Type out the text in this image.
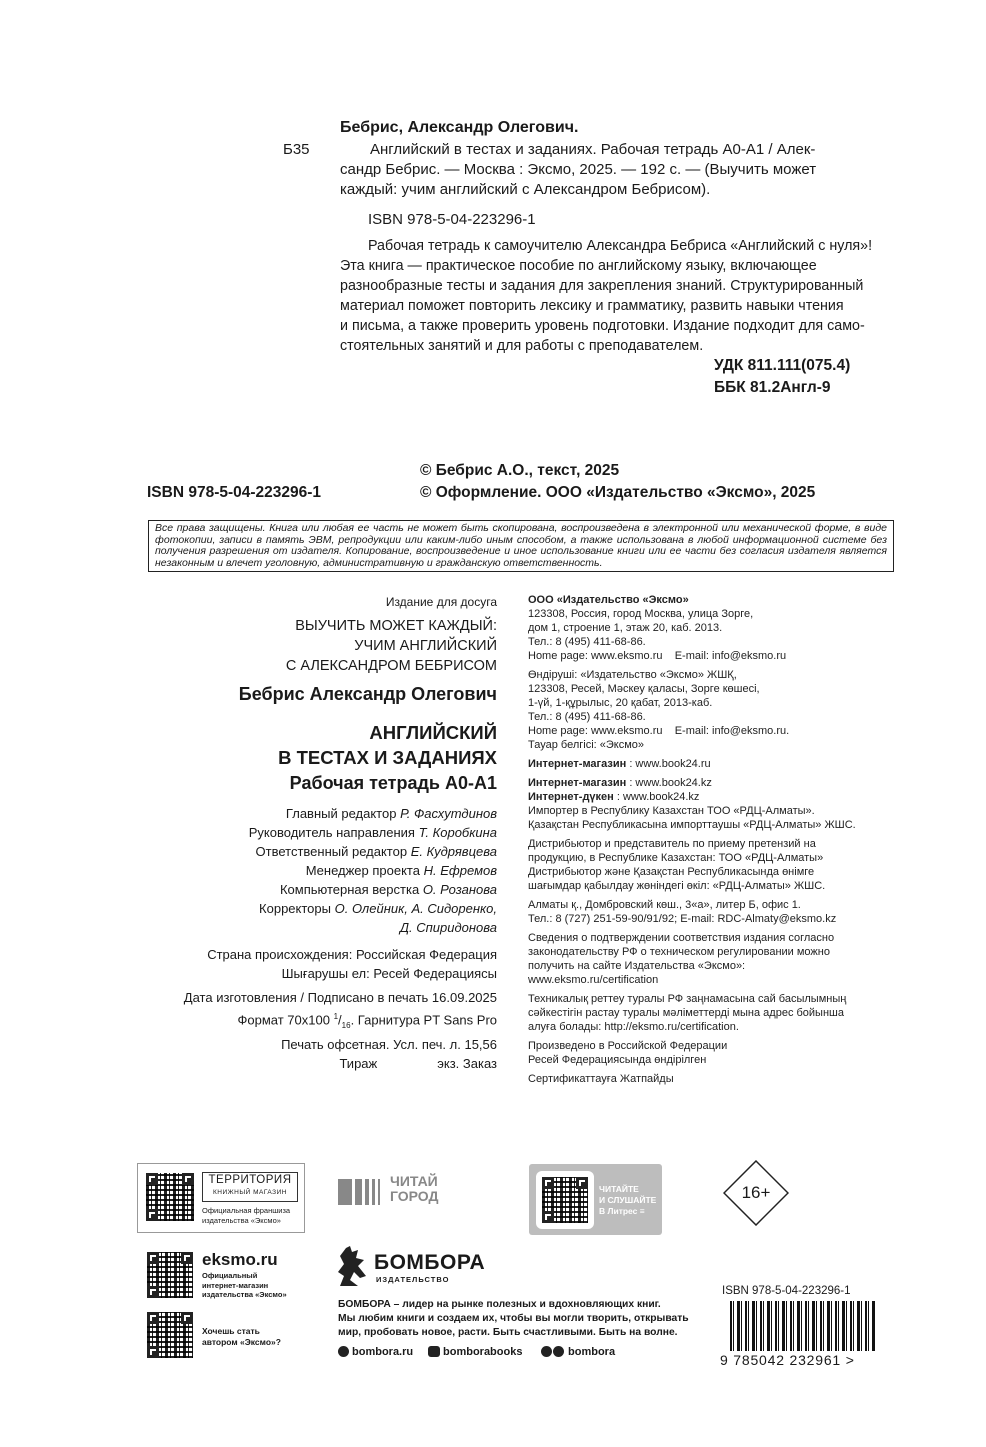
Бебрис, Александр Олегович.
Б35	Английский в тестах и заданиях. Рабочая тетрадь А0-А1 / Алек-
сандр Бебрис. — Москва : Эксмо, 2025. — 192 с. — (Выучить может
каждый: учим английский с Александром Бебрисом).
ISBN 978-5-04-223296-1
Рабочая тетрадь к самоучителю Александра Бебриса «Английский с нуля»!
Эта книга — практическое пособие по английскому языку, включающее
разнообразные тесты и задания для закрепления знаний. Структурированный
материал поможет повторить лексику и грамматику, развить навыки чтения
и письма, а также проверить уровень подготовки. Издание подходит для само-
стоятельных занятий и для работы с преподавателем.
УДК 811.111(075.4)
ББК 81.2Англ-9
© Бебрис А.О., текст, 2025
ISBN 978-5-04-223296-1	© Оформление. ООО «Издательство «Эксмо», 2025
Все права защищены. Книга или любая ее часть не может быть скопирована, воспроизведена в электронной или механической форме, в виде фотокопии, записи в память ЭВМ, репродукции или каким-либо иным способом, а также использована в любой информационной системе без получения разрешения от издателя. Копирование, воспроизведение и иное использование книги или ее части без согласия издателя является незаконным и влечет уголовную, административную и гражданскую ответственность.
Издание для досуга
ВЫУЧИТЬ МОЖЕТ КАЖДЫЙ:
УЧИМ АНГЛИЙСКИЙ
С АЛЕКСАНДРОМ БЕБРИСОМ
Бебрис Александр Олегович
АНГЛИЙСКИЙ
В ТЕСТАХ И ЗАДАНИЯХ
Рабочая тетрадь А0-А1
Главный редактор Р. Фасхутдинов
Руководитель направления Т. Коробкина
Ответственный редактор Е. Кудрявцева
Менеджер проекта Н. Ефремов
Компьютерная верстка О. Розанова
Корректоры О. Олейник, А. Сидоренко,
Д. Спиридонова
Страна происхождения: Российская Федерация
Шығарушы ел: Ресей Федерациясы
Дата изготовления / Подписано в печать 16.09.2025
Формат 70х100 $^1/_{16}$. Гарнитура PT Sans Pro
Печать офсетная. Усл. печ. л. 15,56
Тираж	экз. Заказ

ООО «Издательство «Эксмо»

123308, Россия, город Москва, улица Зорге,

дом 1, строение 1, этаж 20, каб. 2013.

Тел.: 8 (495) 411-68-86.

Home page: www.eksmo.ru    E-mail: info@eksmo.ru

Өндіруші: «Издательство «Эксмо» ЖШҚ,

123308, Ресей, Мәскеу қаласы, Зорге көшесі,

1-үй, 1-құрылыс, 20 қабат, 2013-каб.

Тел.: 8 (495) 411-68-86.

Home page: www.eksmo.ru    E-mail: info@eksmo.ru.

Тауар белгісі: «Эксмо»

Интернет-магазин : www.book24.ru

Интернет-магазин : www.book24.kz

Интернет-дүкен : www.book24.kz

Импортер в Республику Казахстан ТОО «РДЦ-Алматы».

Қазақстан Республикасына импорттаушы «РДЦ-Алматы» ЖШС.

Дистрибьютор и представитель по приему претензий на

продукцию, в Республике Казахстан: ТОО «РДЦ-Алматы»

Дистрибьютор және Қазақстан Республикасында өнімге

шағымдар қабылдау жөніндегі өкіл: «РДЦ-Алматы» ЖШС.

Алматы қ., Домбровский көш., 3«а», литер Б, офис 1.

Тел.: 8 (727) 251-59-90/91/92; E-mail: RDC-Almaty@eksmo.kz

Сведения о подтверждении соответствия издания согласно

законодательству РФ о техническом регулировании можно

получить на сайте Издательства «Эксмо»:

www.eksmo.ru/certification

Техникалық реттеу туралы РФ заңнамасына сай басылымның

сәйкестігін растау туралы мәліметтерді мына адрес бойынша

алуға болады: http://eksmo.ru/certification.

Произведено в Российской Федерации

Ресей Федерациясында өндірілген

Сертификаттауға Жатпайды

ТЕРРИТОРИЯ
КНИЖНЫЙ МАГАЗИН
Официальная франшиза
издательства «Эксмо»
ЧИТАЙ
ГОРОД	ЧИТАЙТЕ
И СЛУШАЙТЕ
В Литрес ≡
16+
eksmo.ru
Официальный
интернет-магазин
издательства «Эксмо»
Хочешь стать
автором «Эксмо»?
БОМБОРА
ИЗДАТЕЛЬСТВО
БОМБОРА – лидер на рынке полезных и вдохновляющих книг.
Мы любим книги и создаем их, чтобы вы могли творить, открывать
мир, пробовать новое, расти. Быть счастливыми. Быть на волне.
bombora.ru	bomborabooks	bombora
ISBN 978-5-04-223296-1
9 785042 232961 >
